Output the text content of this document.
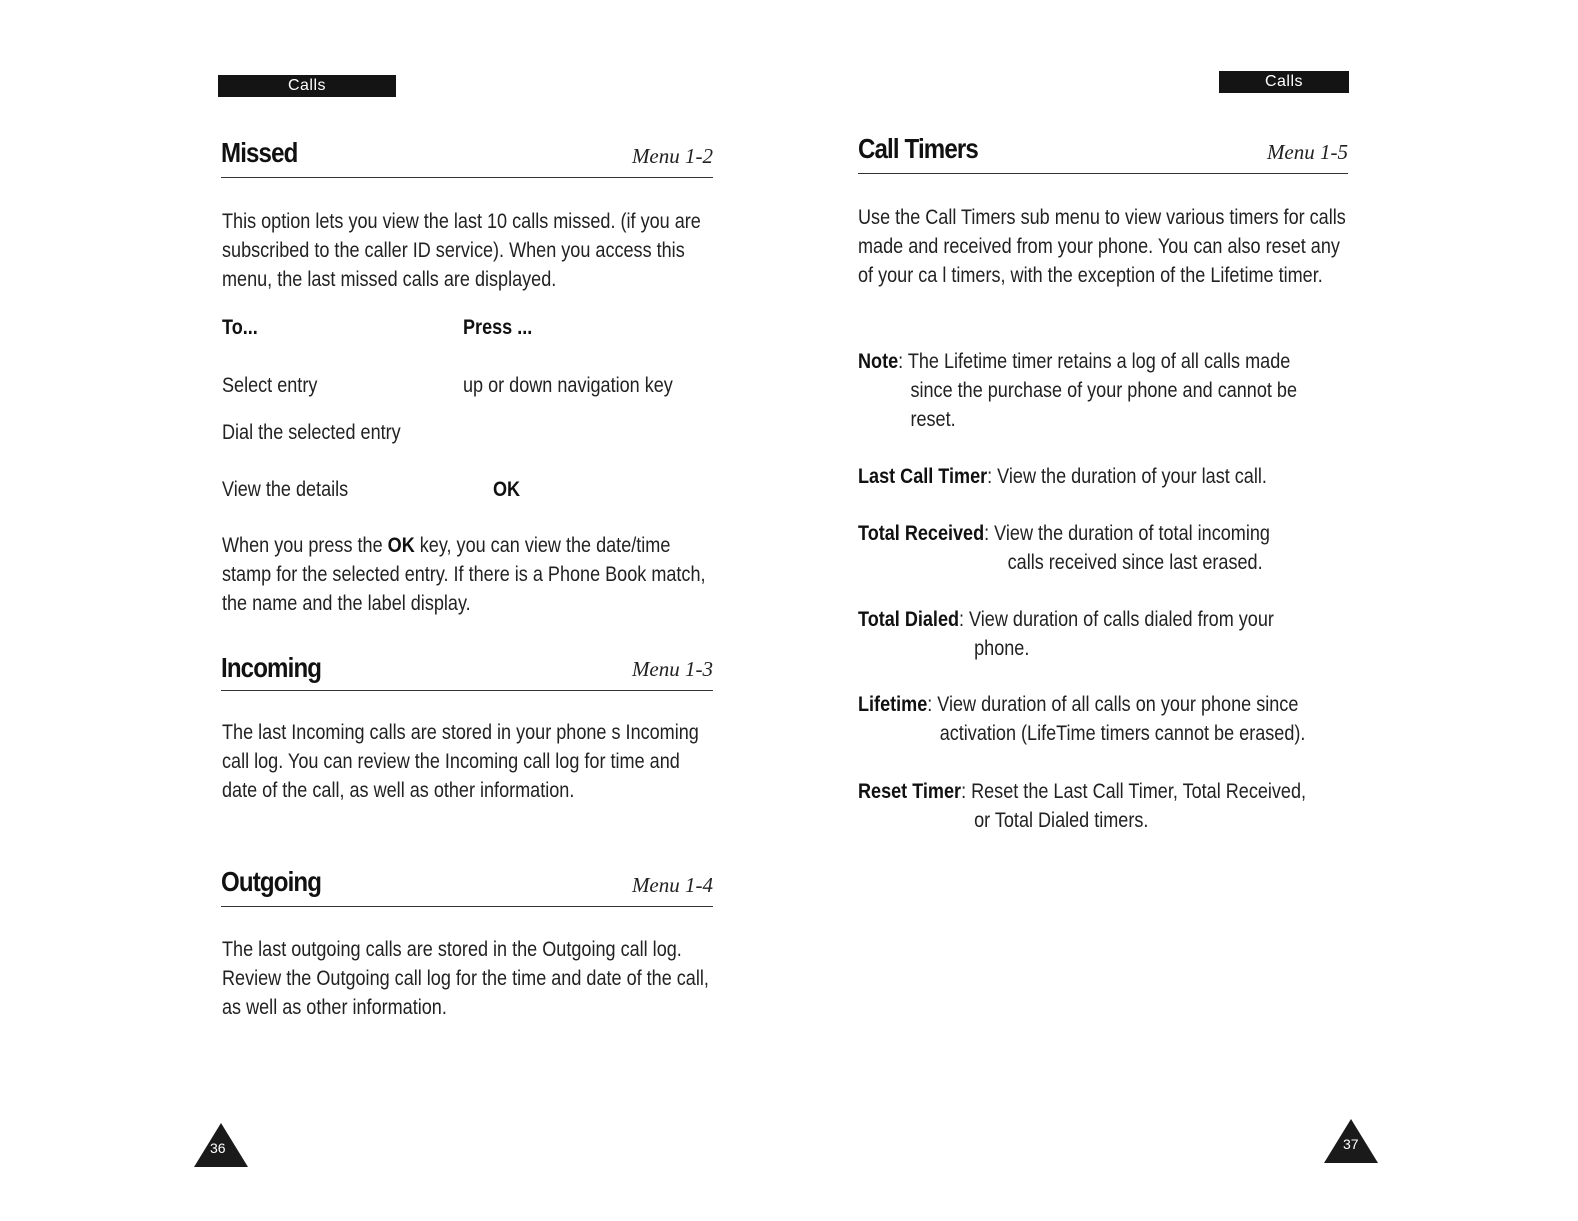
Calls
Missed	Menu 1-2
This option lets you view the last 10 calls missed. (if you are subscribed to the caller ID service). When you access this menu, the last missed calls are displayed.
To...	Press ...
Select entry	up or down navigation key
Dial the selected entry
View the details	OK
When you press the OK key, you can view the date/time stamp for the selected entry. If there is a Phone Book match, the name and the label display.
Incoming	Menu 1-3
The last Incoming calls are stored in your phone s Incoming call log. You can review the Incoming call log for time and date of the call, as well as other information.
Outgoing	Menu 1-4
The last outgoing calls are stored in the Outgoing call log. Review the Outgoing call log for the time and date of the call, as well as other information.
36
Calls
Call Timers	Menu 1-5
Use the Call Timers sub menu to view various timers for calls made and received from your phone. You can also reset any of your ca l timers, with the exception of the Lifetime timer.
Note: The Lifetime timer retains a log of all calls made
since the purchase of your phone and cannot be reset.
Last Call Timer: View the duration of your last call.
Total Received: View the duration of total incoming
calls received since last erased.
Total Dialed: View duration of calls dialed from your
phone.
Lifetime: View duration of all calls on your phone since
activation (LifeTime timers cannot be erased).
Reset Timer: Reset the Last Call Timer, Total Received,
or Total Dialed timers.
37
